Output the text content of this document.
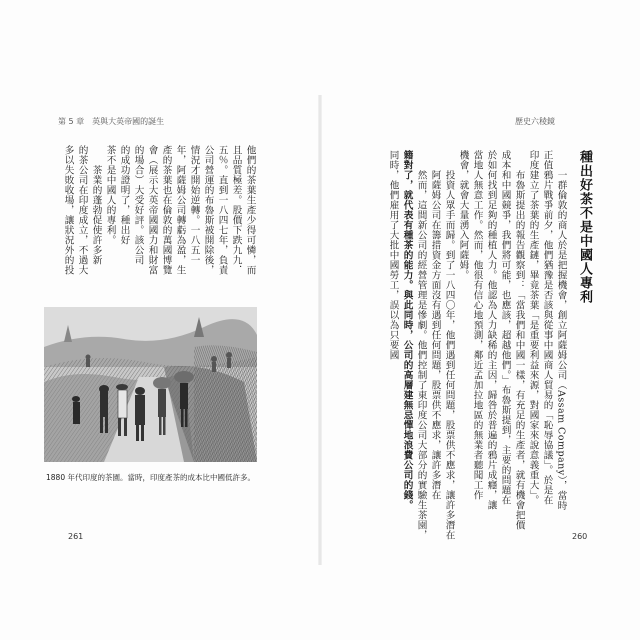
第 5 章　英與大英帝國的誕生
他們的茶葉生產少得可憐，而
且品質極差。股價下跌九九．
五％。直到一八四七年，負責
公司營運的布魯斯被開除後，
情況才開始逆轉。一八五一
年，阿薩姆公司轉虧為盈，生
產的茶葉也在倫敦的萬國博覽
會（展示大英帝國國力和財富
的場合）大受好評。該公司
的成功證明了，種出好
茶不是中國人的專利。
　　茶業的蓬勃促使許多新
的茶公司在印度成立，不過大
多以失敗收場，讓狀況外的投
1880 年代印度的茶園。當時，印度產茶的成本比中國低許多。
261
歷史六稜鏡
種出好茶不是中國人專利
　　一群倫敦的商人於是把握機會，創立阿薩姆公司（Assam Company），當時
正值鴉片戰爭前夕，他們猶豫是否該與從事中國商人貿易的「恥辱協議」。於是在
印度建立了茶葉的生產鏈，畢竟茶葉「是重要利益來源，對國家來說意義重大」。
　　布魯斯提出的報告觀察到：「當我們和中國一樣，有充足的生產者，就有機會把價
成本和中國競爭，我們將可能，也應該，超越他們。」布魯斯提到，主要的問題在
於如何找到足夠的種植人力。他認為人力缺稀的主因，歸咎於普遍的鴉片成癮，讓
當地人無意工作。然而，他很有信心地預測，鄰近孟加拉地區的無業者聽聞工作
機會，就會大量湧入阿薩姆。
　　投資人眾手而歸。到了一八四〇年，他們遇到任何問題，股票供不應求，讓許多潛在
　　阿薩姆公司在籌措資金方面沒有遇到任何問題，股票供不應求，讓許多潛在
　　然而，這間新公司的經營管理是慘劇。他們控制了東印度公司大部分的實驗生茶園，
籍對了，就代表有種茶的能力。與此同時，公司的高層建無忌憚地浪費公司的錢。
同時，他們雇用了大批中國勞工，誤以為只要國
260
